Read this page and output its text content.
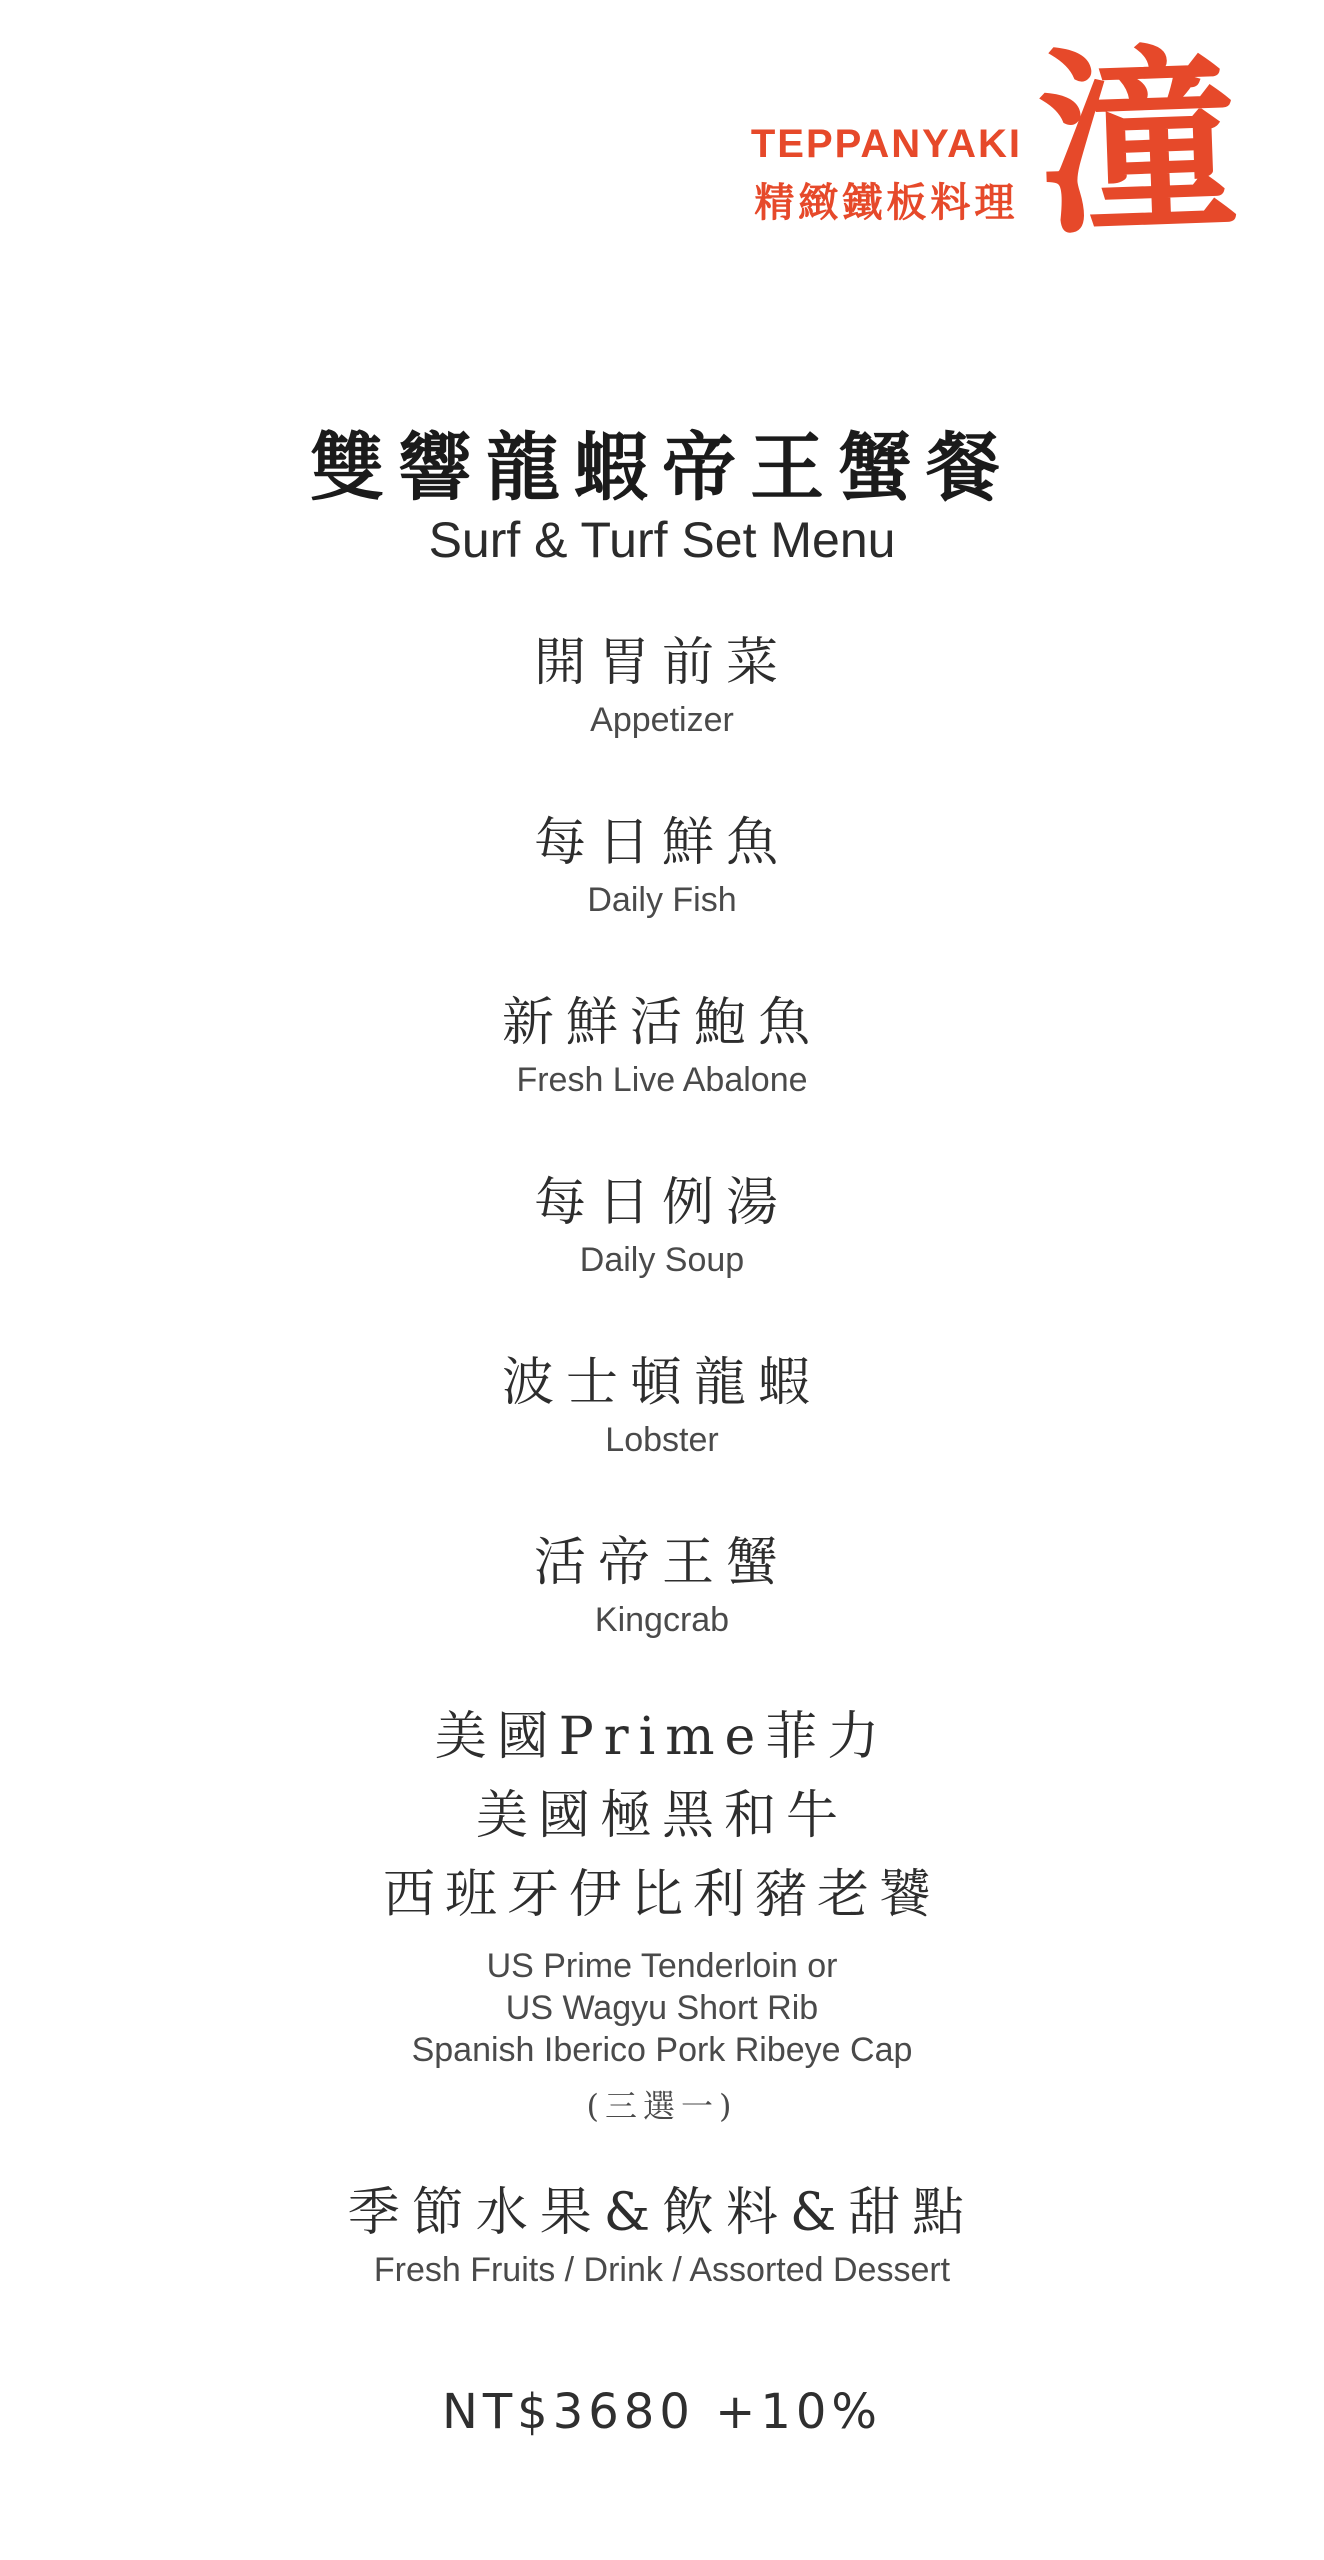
TEPPANYAKI
精緻鐵板料理 潼
雙響龍蝦帝王蟹餐
Surf & Turf Set Menu
開胃前菜
Appetizer
每日鮮魚
Daily Fish
新鮮活鮑魚
Fresh Live Abalone
每日例湯
Daily Soup
波士頓龍蝦
Lobster
活帝王蟹
Kingcrab
美國Prime菲力
美國極黑和牛
西班牙伊比利豬老饕
US Prime Tenderloin or
US Wagyu Short Rib
Spanish Iberico Pork Ribeye Cap
(三選一)
季節水果&飲料&甜點
Fresh Fruits / Drink / Assorted Dessert
NT$3680 +10%
